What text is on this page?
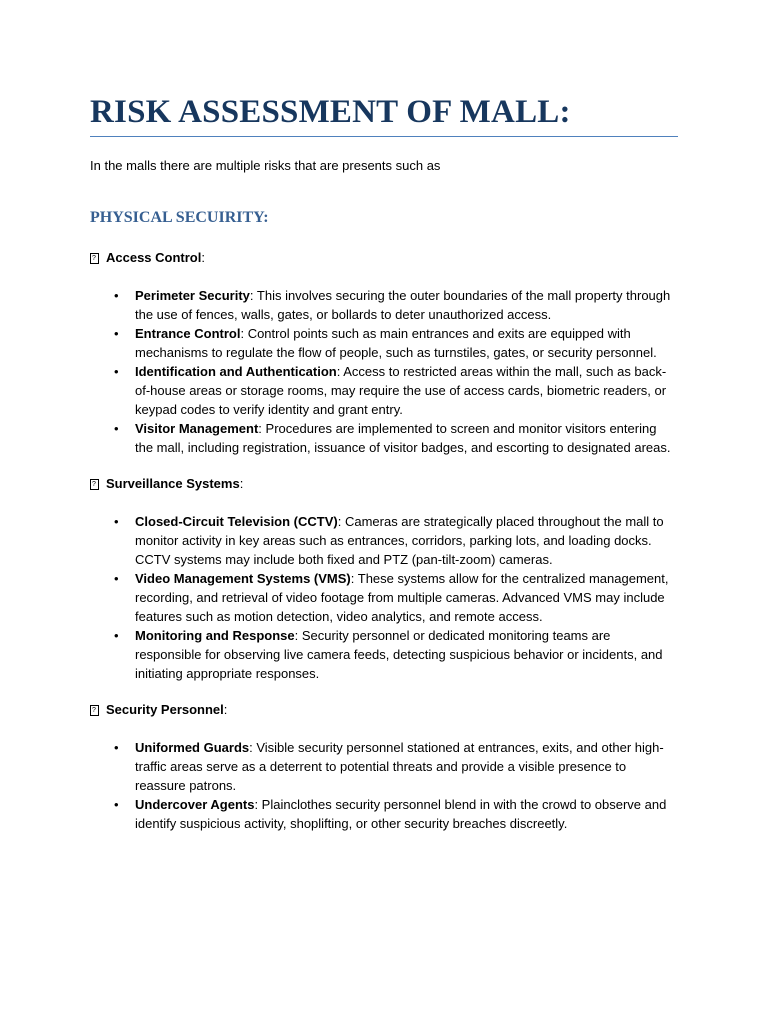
RISK ASSESSMENT OF MALL:

In the malls there are multiple risks that are presents such as

PHYSICAL SECUIRITY:
?
Access Control :
• Perimeter Security: This involves securing the outer boundaries of the mall property through the use of fences, walls, gates, or bollards to deter unauthorized access.
• Entrance Control: Control points such as main entrances and exits are equipped with mechanisms to regulate the flow of people, such as turnstiles, gates, or security personnel.
• Identification and Authentication: Access to restricted areas within the mall, such as back-of-house areas or storage rooms, may require the use of access cards, biometric readers, or keypad codes to verify identity and grant entry.
• Visitor Management: Procedures are implemented to screen and monitor visitors entering the mall, including registration, issuance of visitor badges, and escorting to designated areas.
?
Surveillance Systems :
• Closed-Circuit Television (CCTV): Cameras are strategically placed throughout the mall to monitor activity in key areas such as entrances, corridors, parking lots, and loading docks. CCTV systems may include both fixed and PTZ (pan-tilt-zoom) cameras.
• Video Management Systems (VMS): These systems allow for the centralized management, recording, and retrieval of video footage from multiple cameras. Advanced VMS may include features such as motion detection, video analytics, and remote access.
• Monitoring and Response: Security personnel or dedicated monitoring teams are responsible for observing live camera feeds, detecting suspicious behavior or incidents, and initiating appropriate responses.
?
Security Personnel :
• Uniformed Guards: Visible security personnel stationed at entrances, exits, and other high-traffic areas serve as a deterrent to potential threats and provide a visible presence to reassure patrons.
• Undercover Agents: Plainclothes security personnel blend in with the crowd to observe and identify suspicious activity, shoplifting, or other security breaches discreetly.
